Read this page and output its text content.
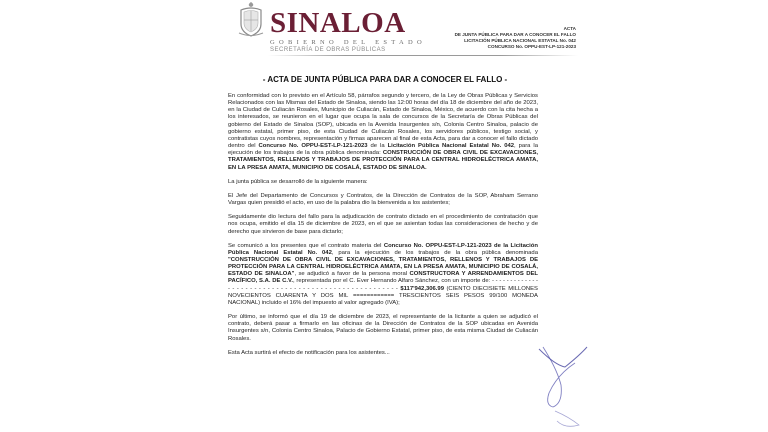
SINALOA
GOBIERNO DEL ESTADO
SECRETARÍA DE OBRAS PÚBLICAS
ACTA
DE JUNTA PÚBLICA PARA DAR A CONOCER EL FALLO
LICITACIÓN PÚBLICA NACIONAL ESTATAL No. 042
CONCURSO No. OPPU-EST-LP-121-2023
- ACTA DE JUNTA PÚBLICA PARA DAR A CONOCER EL FALLO -

En conformidad con lo previsto en el Artículo 58, párrafos segundo y tercero, de la Ley de Obras Públicas y Servicios Relacionados con las Mismas del Estado de Sinaloa, siendo las 12:00 horas del día 18 de diciembre del año de 2023, en la Ciudad de Culiacán Rosales, Municipio de Culiacán, Estado de Sinaloa, México, de acuerdo con la cita hecha a los interesados, se reunieron en el lugar que ocupa la sala de concursos de la Secretaría de Obras Públicas del gobierno del Estado de Sinaloa (SOP), ubicada en la Avenida Insurgentes s/n, Colonia Centro Sinaloa, palacio de gobierno estatal, primer piso, de esta Ciudad de Culiacán Rosales, los servidores públicos, testigo social, y contratistas cuyos nombres, representación y firmas aparecen al final de esta Acta, para dar a conocer el fallo dictado dentro del Concurso No. OPPU-EST-LP-121-2023 de la Licitación Pública Nacional Estatal No. 042, para la ejecución de los trabajos de la obra pública denominada: CONSTRUCCIÓN DE OBRA CIVIL DE EXCAVACIONES, TRATAMIENTOS, RELLENOS Y TRABAJOS DE PROTECCIÓN PARA LA CENTRAL HIDROELÉCTRICA AMATA, EN LA PRESA AMATA, MUNICIPIO DE COSALÁ, ESTADO DE SINALOA.

La junta pública se desarrolló de la siguiente manera:

El Jefe del Departamento de Concursos y Contratos, de la Dirección de Contratos de la SOP, Abraham Serrano Vargas quien presidió el acto, en uso de la palabra dio la bienvenida a los asistentes;

Seguidamente dio lectura del fallo para la adjudicación de contrato dictado en el procedimiento de contratación que nos ocupa, emitido el día 15 de diciembre de 2023, en el que se asientan todas las consideraciones de hecho y de derecho que sirvieron de base para dictarlo;

Se comunicó a los presentes que el contrato materia del Concurso No. OPPU-EST-LP-121-2023 de la Licitación Pública Nacional Estatal No. 042, para la ejecución de los trabajos de la obra pública denominada "CONSTRUCCIÓN DE OBRA CIVIL DE EXCAVACIONES, TRATAMIENTOS, RELLENOS Y TRABAJOS DE PROTECCIÓN PARA LA CENTRAL HIDROELÉCTRICA AMATA, EN LA PRESA AMATA, MUNICIPIO DE COSALÁ, ESTADO DE SINALOA", se adjudicó a favor de la persona moral CONSTRUCTORA Y ARRENDAMIENTOS DEL PACÍFICO, S.A. DE C.V., representada por el C. Ever Hernando Alfaro Sánchez, con un importe de: - - - - - - - - - - - - - - - - - - - - - - - - - - - - - - - - - - - - - - - - - - - - - - - - - - - - $117'942,306.99 (CIENTO DIECISIETE MILLONES NOVECIENTOS CUARENTA Y DOS MIL ============ TRESCIENTOS SEIS PESOS 99/100 MONEDA NACIONAL) incluido el 16% del impuesto al valor agregado (IVA);

Por último, se informó que el día 19 de diciembre de 2023, el representante de la licitante a quien se adjudicó el contrato, deberá pasar a firmarlo en las oficinas de la Dirección de Contratos de la SOP ubicadas en Avenida Insurgentes s/n, Colonia Centro Sinaloa, Palacio de Gobierno Estatal, primer piso, de esta misma Ciudad de Culiacán Rosales.

Esta Acta surtirá el efecto de notificación para los asistentes...
